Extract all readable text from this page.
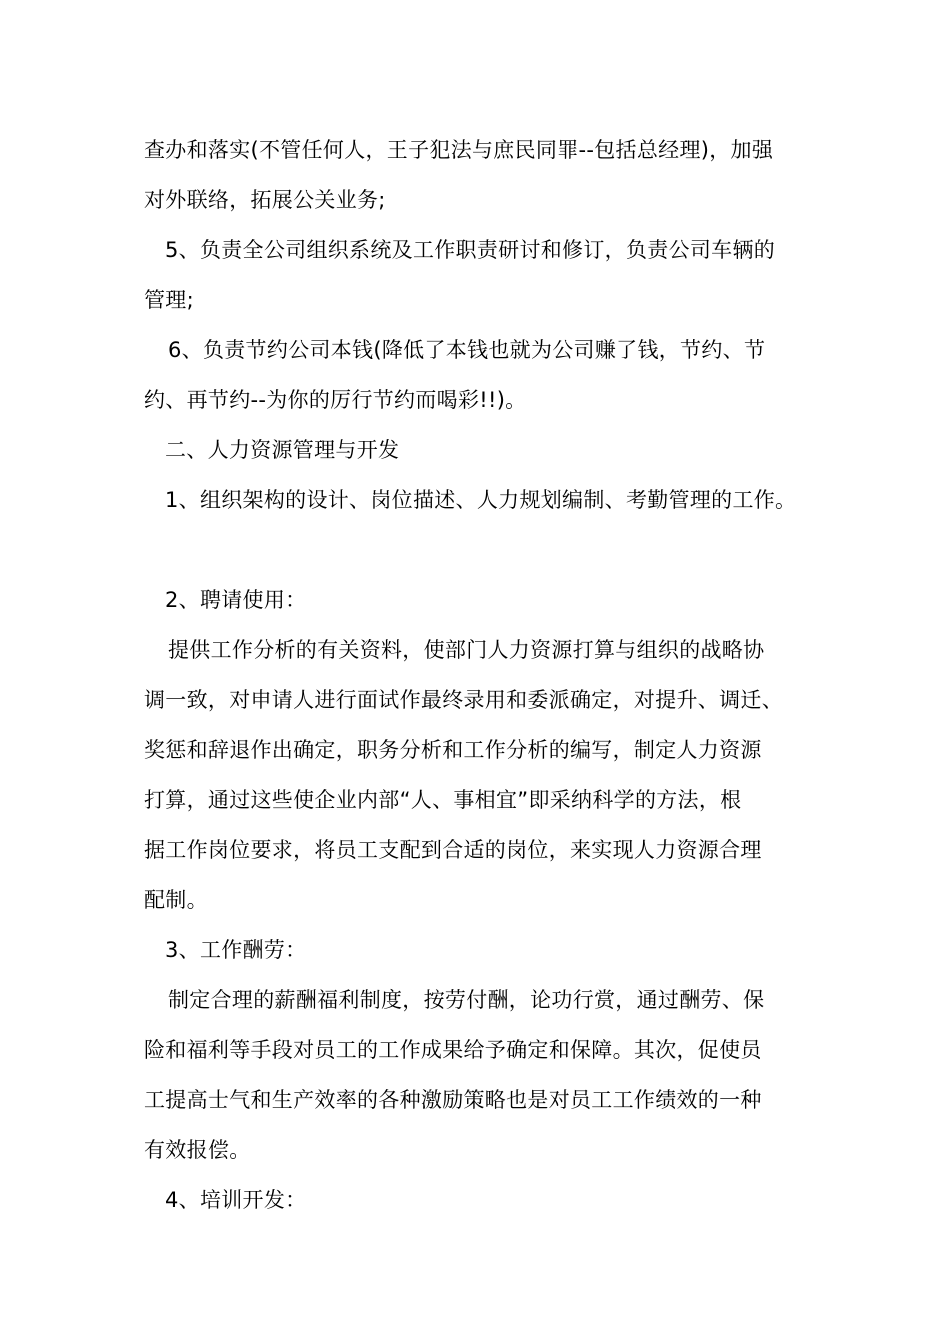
查办和落实(不管任何人，王子犯法与庶民同罪--包括总经理)，加强
对外联络，拓展公关业务;
5、负责全公司组织系统及工作职责研讨和修订，负责公司车辆的
管理;
6、负责节约公司本钱(降低了本钱也就为公司赚了钱，节约、节
约、再节约--为你的厉行节约而喝彩!!)。
二、人力资源管理与开发
1、组织架构的设计、岗位描述、人力规划编制、考勤管理的工作。
2、聘请使用：
提供工作分析的有关资料，使部门人力资源打算与组织的战略协
调一致，对申请人进行面试作最终录用和委派确定，对提升、调迁、
奖惩和辞退作出确定，职务分析和工作分析的编写，制定人力资源
打算，通过这些使企业内部“人、事相宜”即采纳科学的方法，根
据工作岗位要求，将员工支配到合适的岗位，来实现人力资源合理
配制。
3、工作酬劳：
制定合理的薪酬福利制度，按劳付酬，论功行赏，通过酬劳、保
险和福利等手段对员工的工作成果给予确定和保障。其次，促使员
工提高士气和生产效率的各种激励策略也是对员工工作绩效的一种
有效报偿。
4、培训开发：
